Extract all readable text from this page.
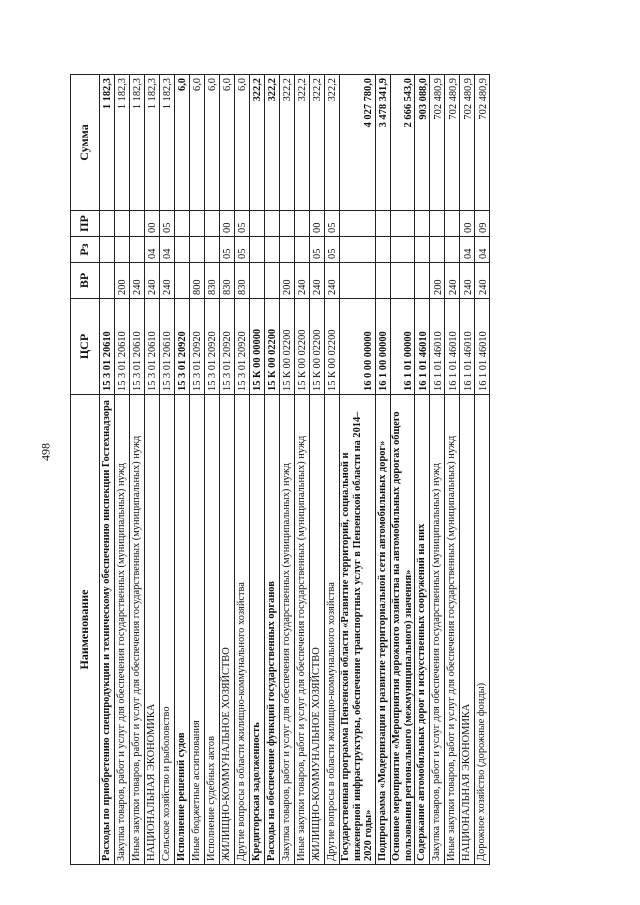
498
Наименование	ЦСР	ВР	Рз	ПР	Сумма
Расходы по приобретению спецпродукции и техническому обеспечению инспекции Гостехнадзора	15 3 01 20610				1 182,3
Закупка товаров, работ и услуг для обеспечения государственных (муниципальных) нужд	15 3 01 20610	200			1 182,3
Иные закупки товаров, работ и услуг для обеспечения государственных (муниципальных) нужд	15 3 01 20610	240			1 182,3
НАЦИОНАЛЬНАЯ ЭКОНОМИКА	15 3 01 20610	240	04	00	1 182,3
Сельское хозяйство и рыболовство	15 3 01 20610	240	04	05	1 182,3
Исполнение решений судов	15 3 01 20920				6,0
Иные бюджетные ассигнования	15 3 01 20920	800			6,0
Исполнение судебных актов	15 3 01 20920	830			6,0
ЖИЛИЩНО-КОММУНАЛЬНОЕ ХОЗЯЙСТВО	15 3 01 20920	830	05	00	6,0
Другие вопросы в области жилищно-коммунального хозяйства	15 3 01 20920	830	05	05	6,0
Кредиторская задолженность	15 К 00 00000				322,2
Расходы на обеспечение функций государственных органов	15 К 00 02200				322,2
Закупка товаров, работ и услуг для обеспечения государственных (муниципальных) нужд	15 К 00 02200	200			322,2
Иные закупки товаров, работ и услуг для обеспечения государственных (муниципальных) нужд	15 К 00 02200	240			322,2
ЖИЛИЩНО-КОММУНАЛЬНОЕ ХОЗЯЙСТВО	15 К 00 02200	240	05	00	322,2
Другие вопросы в области жилищно-коммунального хозяйства	15 К 00 02200	240	05	05	322,2
Государственная программа Пензенской области «Развитие территорий, социальной и инженерной инфраструктуры, обеспечение транспортных услуг в Пензенской области на 2014–2020 годы»	16 0 00 00000				4 027 780,0
Подпрограмма «Модернизация и развитие территориальной сети автомобильных дорог»	16 1 00 00000				3 478 341,9
Основное мероприятие «Мероприятия дорожного хозяйства на автомобильных дорогах общего пользования регионального (межмуниципального) значения»	16 1 01 00000				2 666 543,0
Содержание автомобильных дорог и искусственных сооружений на них	16 1 01 46010				903 088,0
Закупка товаров, работ и услуг для обеспечения государственных (муниципальных) нужд	16 1 01 46010	200			702 480,9
Иные закупки товаров, работ и услуг для обеспечения государственных (муниципальных) нужд	16 1 01 46010	240			702 480,9
НАЦИОНАЛЬНАЯ ЭКОНОМИКА	16 1 01 46010	240	04	00	702 480,9
Дорожное хозяйство (дорожные фонды)	16 1 01 46010	240	04	09	702 480,9
